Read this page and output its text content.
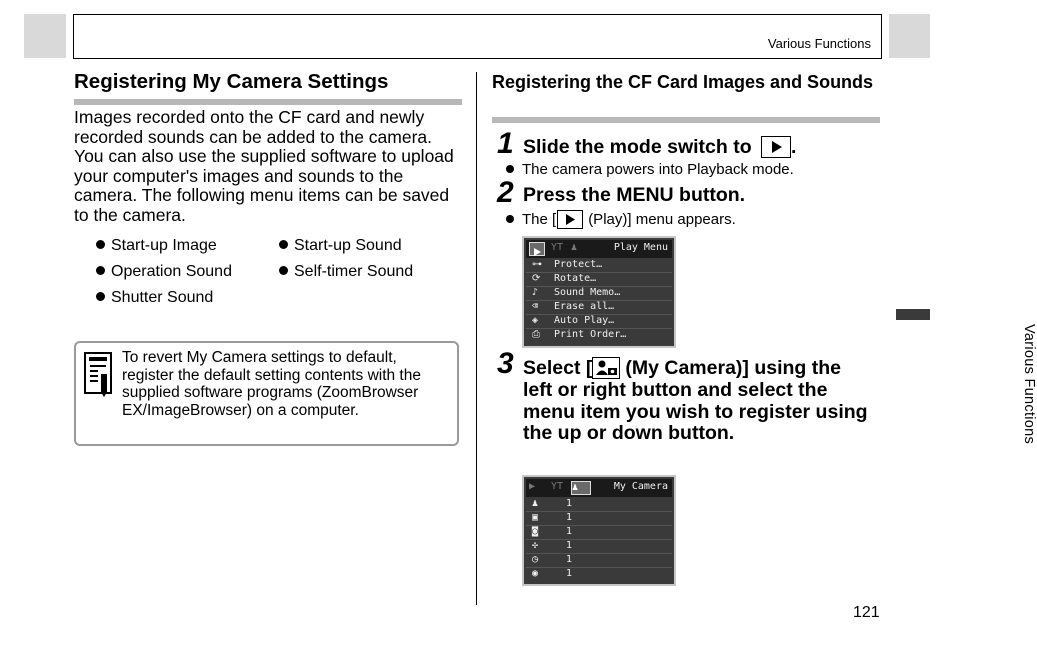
Various Functions
Registering My Camera Settings

Images recorded onto the CF card and newly recorded sounds can be added to the camera. You can also use the supplied software to upload your computer's images and sounds to the camera. The following menu items can be saved to the camera.

Start-up Image	Start-up Sound
Operation Sound	Self-timer Sound
Shutter Sound
To revert My Camera settings to default, register the default setting contents with the supplied software programs (ZoomBrowser EX/ImageBrowser) on a computer.
Registering the CF Card Images and Sounds
1 Slide the mode switch to .
The camera powers into Playback mode.
2 Press the MENU button.
The [ (Play)] menu appears.
YT ♟	Play Menu
⊶ Protect…
⟳	Rotate…
♪	Sound Memo…
⌫	Erase all…
◈	Auto Play…
⎙	Print Order…
3 Select [ (My Camera)] using the left or right button and select the menu item you wish to register using the up or down button.
▶	YT ♟	My Camera
♟	1
▣	1
◙	1
✣	1
◷	1
◉	1
Various Functions
121
